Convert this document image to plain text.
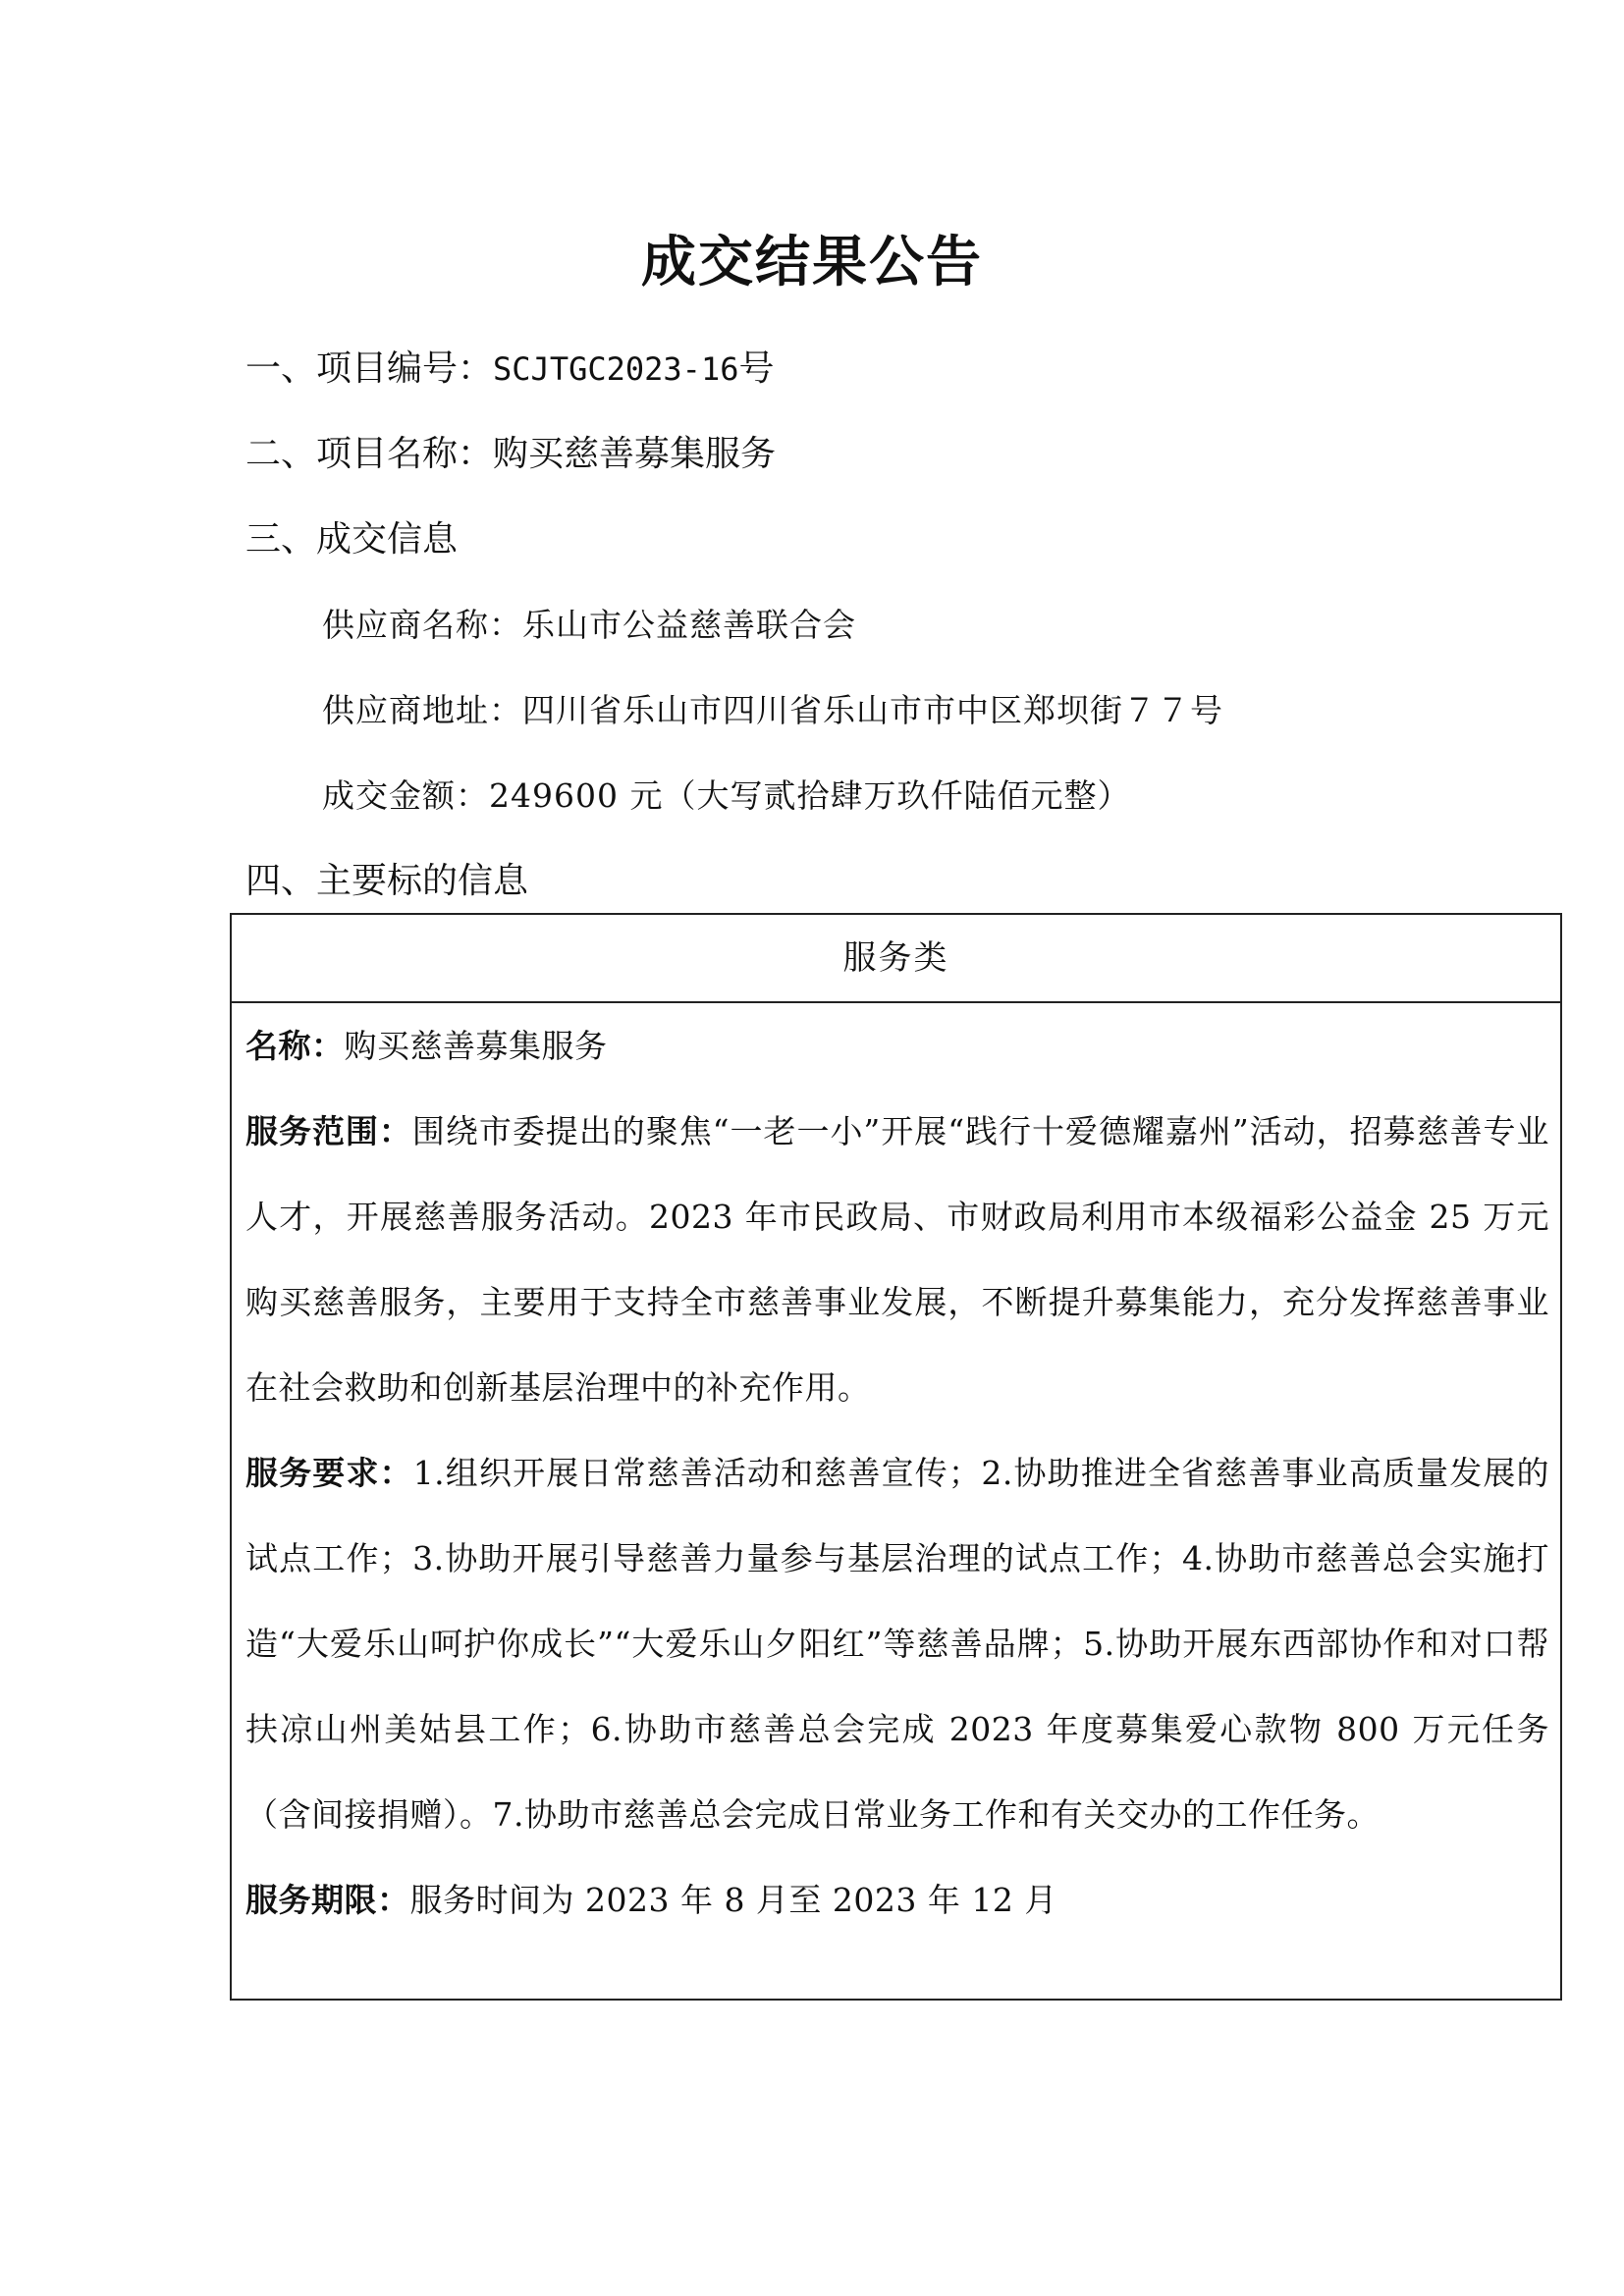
成交结果公告
一、项目编号：SCJTGC2023-16号
二、项目名称：购买慈善募集服务
三、成交信息
供应商名称：乐山市公益慈善联合会
供应商地址：四川省乐山市四川省乐山市市中区郑坝街７７号
成交金额：249600 元（大写贰拾肆万玖仟陆佰元整）
四、主要标的信息
服务类

名称：购买慈善募集服务

服务范围：围绕市委提出的聚焦“一老一小”开展“践行十爱德耀嘉州”活动，招募慈善专业人才，开展慈善服务活动。2023 年市民政局、市财政局利用市本级福彩公益金 25 万元购买慈善服务，主要用于支持全市慈善事业发展，不断提升募集能力，充分发挥慈善事业在社会救助和创新基层治理中的补充作用。

服务要求：1.组织开展日常慈善活动和慈善宣传；2.协助推进全省慈善事业高质量发展的试点工作；3.协助开展引导慈善力量参与基层治理的试点工作；4.协助市慈善总会实施打造“大爱乐山呵护你成长”“大爱乐山夕阳红”等慈善品牌；5.协助开展东西部协作和对口帮扶凉山州美姑县工作；6.协助市慈善总会完成 2023 年度募集爱心款物 800 万元任务（含间接捐赠）。7.协助市慈善总会完成日常业务工作和有关交办的工作任务。

服务期限：服务时间为 2023 年 8 月至 2023 年 12 月
